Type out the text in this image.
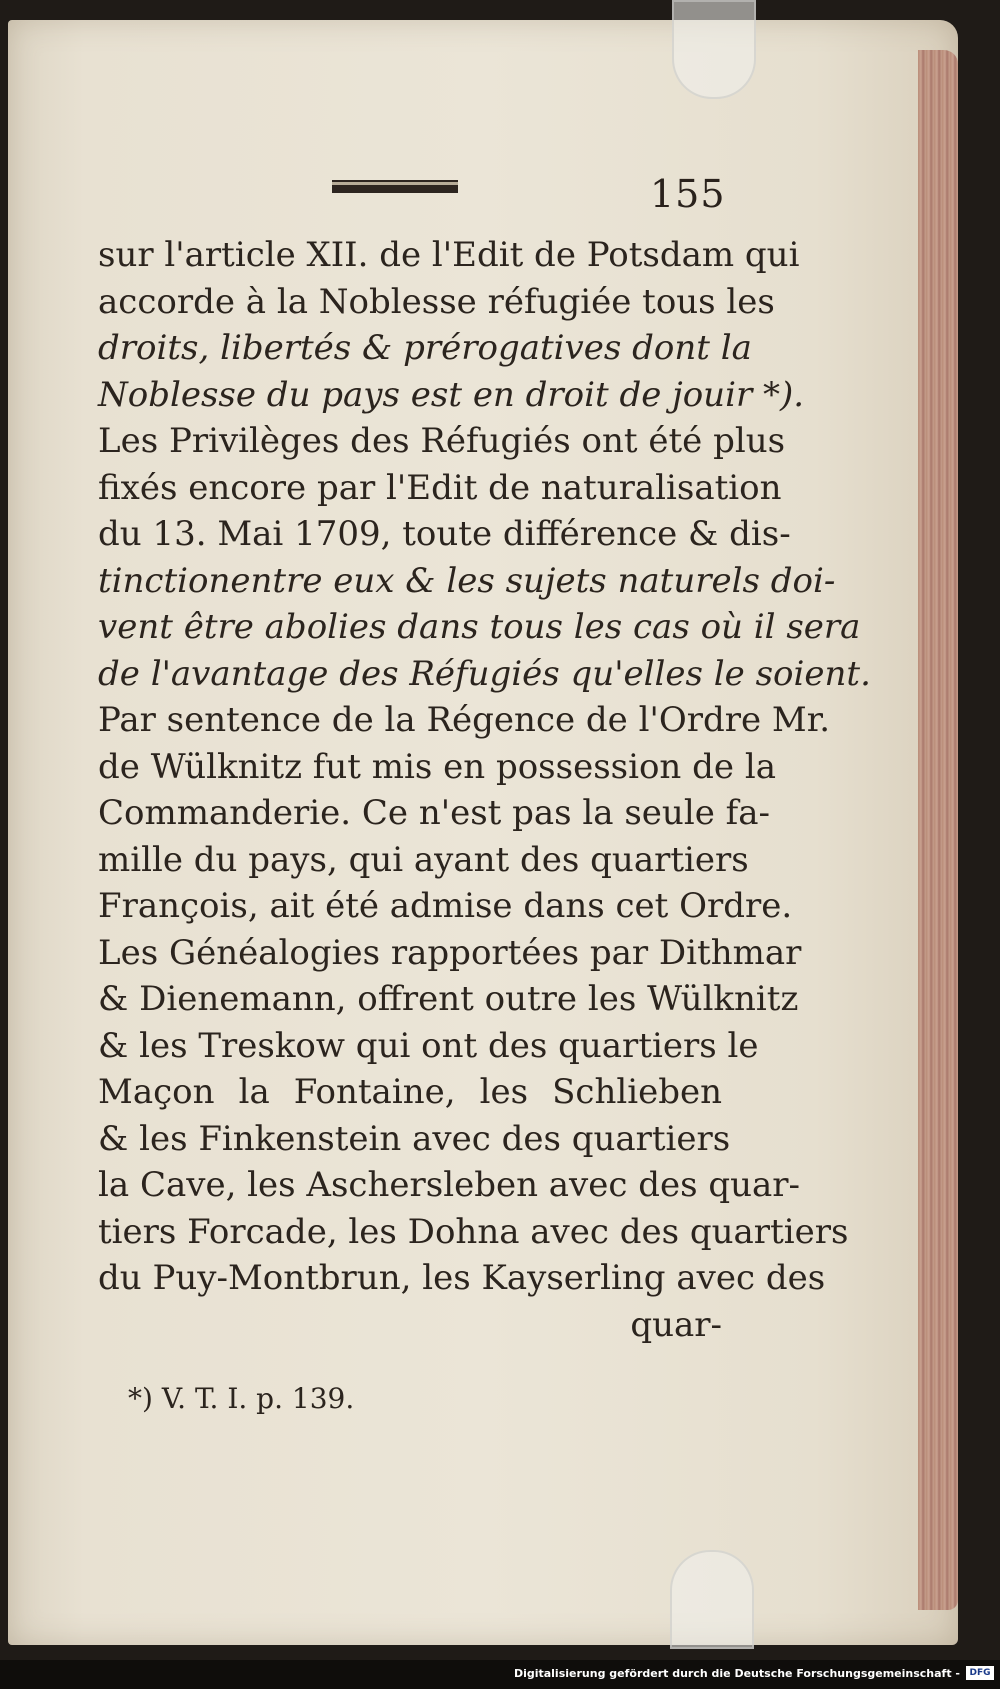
155
sur l'article XII. de l'Edit de Potsdam qui
accorde à la Noblesse réfugiée tous les
droits, libertés & prérogatives dont la
Noblesse du pays est en droit de jouir *).
Les Privilèges des Réfugiés ont été plus
fixés encore par l'Edit de naturalisation
du 13. Mai 1709, toute différence & dis-
tinctionentre eux & les sujets naturels doi-
vent être abolies dans tous les cas où il sera
de l'avantage des Réfugiés qu'elles le soient.
Par sentence de la Régence de l'Ordre Mr.
de Wülknitz fut mis en possession de la
Commanderie. Ce n'est pas la seule fa-
mille du pays, qui ayant des quartiers
François, ait été admise dans cet Ordre.
Les Généalogies rapportées par Dithmar
& Dienemann, offrent outre les Wülknitz
& les Treskow qui ont des quartiers le
Maçon la Fontaine, les Schlieben
& les Finkenstein avec des quartiers
la Cave, les Aschersleben avec des quar-
tiers Forcade, les Dohna avec des quartiers
du Puy-Montbrun, les Kayserling avec des
quar-
*) V. T. I. p. 139.
Digitalisierung gefördert durch die Deutsche Forschungsgemeinschaft -	DFG
